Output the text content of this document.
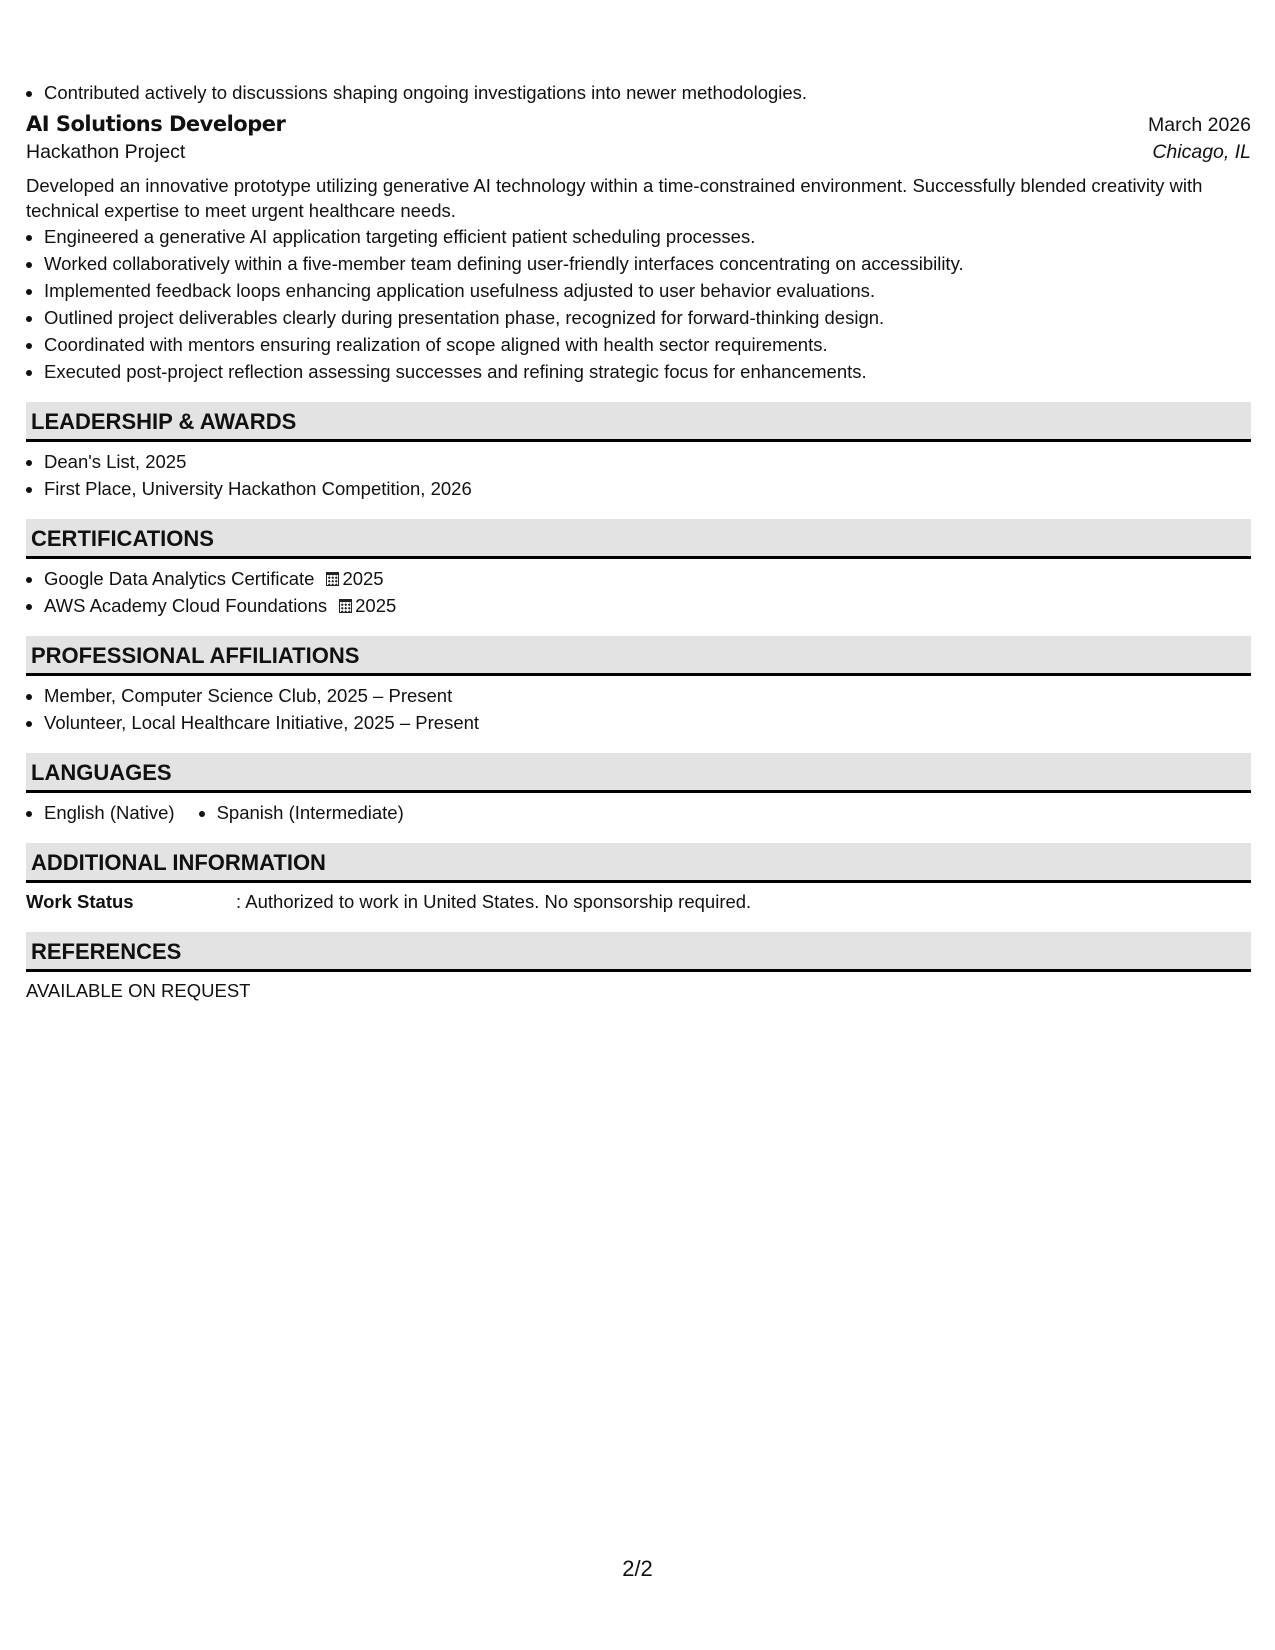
• Contributed actively to discussions shaping ongoing investigations into newer methodologies.
AI Solutions Developer	March 2026
Hackathon Project	Chicago, IL
Developed an innovative prototype utilizing generative AI technology within a time-constrained environment. Successfully blended creativity with technical expertise to meet urgent healthcare needs.
• Engineered a generative AI application targeting efficient patient scheduling processes.
• Worked collaboratively within a five-member team defining user-friendly interfaces concentrating on accessibility.
• Implemented feedback loops enhancing application usefulness adjusted to user behavior evaluations.
• Outlined project deliverables clearly during presentation phase, recognized for forward-thinking design.
• Coordinated with mentors ensuring realization of scope aligned with health sector requirements.
• Executed post-project reflection assessing successes and refining strategic focus for enhancements.
LEADERSHIP & AWARDS
• Dean's List, 2025
• First Place, University Hackathon Competition, 2026
CERTIFICATIONS
• Google Data Analytics Certificate 2025
• AWS Academy Cloud Foundations 2025
PROFESSIONAL AFFILIATIONS
• Member, Computer Science Club, 2025 – Present
• Volunteer, Local Healthcare Initiative, 2025 – Present
LANGUAGES
• English (Native)
• Spanish (Intermediate)
ADDITIONAL INFORMATION
Work Status	: Authorized to work in United States. No sponsorship required.
REFERENCES
AVAILABLE ON REQUEST
2/2
